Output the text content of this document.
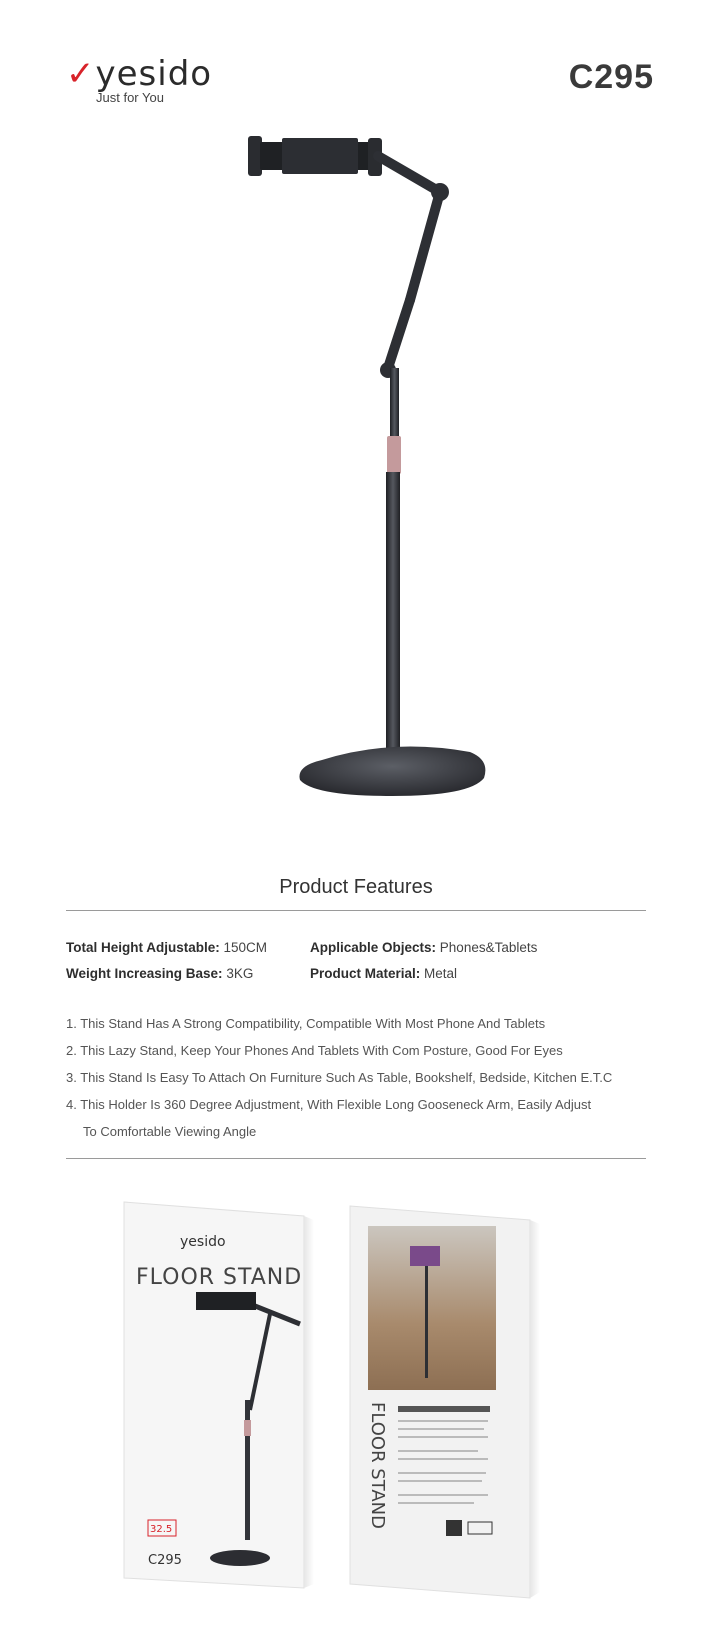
✓yesido
Just for You
C295
Product Features
Total Height Adjustable: 150CM	Applicable Objects: Phones&Tablets
Weight Increasing Base: 3KG	Product Material: Metal
1. This Stand Has A Strong Compatibility, Compatible With Most Phone And Tablets
2. This Lazy Stand, Keep Your Phones And Tablets With Com Posture, Good For Eyes
3. This Stand Is Easy To Attach On Furniture Such As Table, Bookshelf, Bedside, Kitchen E.T.C
4. This Holder Is 360 Degree Adjustment, With Flexible Long Gooseneck Arm, Easily Adjust
To Comfortable Viewing Angle
yesido
FLOOR STAND
32.5
C295
FLOOR STAND
